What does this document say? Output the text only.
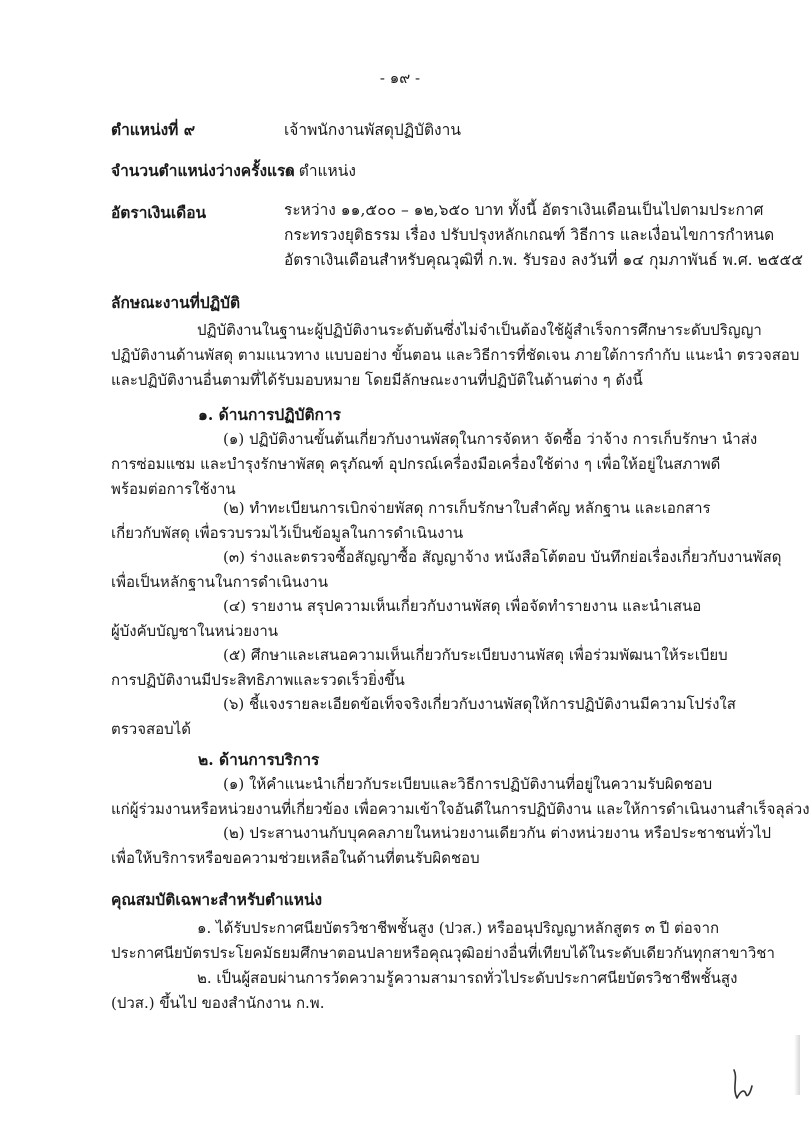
- ๑๙ -
ตำแหน่งที่ ๙	เจ้าพนักงานพัสดุปฏิบัติงาน
จำนวนตำแหน่งว่างครั้งแรก
๑ ตำแหน่ง
อัตราเงินเดือน	ระหว่าง ๑๑,๕๐๐ – ๑๒,๖๕๐ บาท ทั้งนี้ อัตราเงินเดือนเป็นไปตามประกาศ
กระทรวงยุติธรรม เรื่อง ปรับปรุงหลักเกณฑ์ วิธีการ และเงื่อนไขการกำหนด
อัตราเงินเดือนสำหรับคุณวุฒิที่ ก.พ. รับรอง ลงวันที่ ๑๔ กุมภาพันธ์ พ.ศ. ๒๕๕๕
ลักษณะงานที่ปฏิบัติ
ปฏิบัติงานในฐานะผู้ปฏิบัติงานระดับต้นซึ่งไม่จำเป็นต้องใช้ผู้สำเร็จการศึกษาระดับปริญญา
ปฏิบัติงานด้านพัสดุ ตามแนวทาง แบบอย่าง ขั้นตอน และวิธีการที่ชัดเจน ภายใต้การกำกับ แนะนำ ตรวจสอบ
และปฏิบัติงานอื่นตามที่ได้รับมอบหมาย โดยมีลักษณะงานที่ปฏิบัติในด้านต่าง ๆ ดังนี้
๑. ด้านการปฏิบัติการ
(๑) ปฏิบัติงานขั้นต้นเกี่ยวกับงานพัสดุในการจัดหา จัดซื้อ ว่าจ้าง การเก็บรักษา นำส่ง
การซ่อมแซม และบำรุงรักษาพัสดุ ครุภัณฑ์ อุปกรณ์เครื่องมือเครื่องใช้ต่าง ๆ เพื่อให้อยู่ในสภาพดี
พร้อมต่อการใช้งาน
(๒) ทำทะเบียนการเบิกจ่ายพัสดุ การเก็บรักษาใบสำคัญ หลักฐาน และเอกสาร
เกี่ยวกับพัสดุ เพื่อรวบรวมไว้เป็นข้อมูลในการดำเนินงาน
(๓) ร่างและตรวจซื้อสัญญาซื้อ สัญญาจ้าง หนังสือโต้ตอบ บันทึกย่อเรื่องเกี่ยวกับงานพัสดุ
เพื่อเป็นหลักฐานในการดำเนินงาน
(๔) รายงาน สรุปความเห็นเกี่ยวกับงานพัสดุ เพื่อจัดทำรายงาน และนำเสนอ
ผู้บังคับบัญชาในหน่วยงาน
(๕) ศึกษาและเสนอความเห็นเกี่ยวกับระเบียบงานพัสดุ เพื่อร่วมพัฒนาให้ระเบียบ
การปฏิบัติงานมีประสิทธิภาพและรวดเร็วยิ่งขึ้น
(๖) ชี้แจงรายละเอียดข้อเท็จจริงเกี่ยวกับงานพัสดุให้การปฏิบัติงานมีความโปร่งใส
ตรวจสอบได้
๒. ด้านการบริการ
(๑) ให้คำแนะนำเกี่ยวกับระเบียบและวิธีการปฏิบัติงานที่อยู่ในความรับผิดชอบ
แก่ผู้ร่วมงานหรือหน่วยงานที่เกี่ยวข้อง เพื่อความเข้าใจอันดีในการปฏิบัติงาน และให้การดำเนินงานสำเร็จลุล่วง
(๒) ประสานงานกับบุคคลภายในหน่วยงานเดียวกัน ต่างหน่วยงาน หรือประชาชนทั่วไป
เพื่อให้บริการหรือขอความช่วยเหลือในด้านที่ตนรับผิดชอบ
คุณสมบัติเฉพาะสำหรับตำแหน่ง
๑. ได้รับประกาศนียบัตรวิชาชีพชั้นสูง (ปวส.) หรืออนุปริญญาหลักสูตร ๓ ปี ต่อจาก
ประกาศนียบัตรประโยคมัธยมศึกษาตอนปลายหรือคุณวุฒิอย่างอื่นที่เทียบได้ในระดับเดียวกันทุกสาขาวิชา
๒. เป็นผู้สอบผ่านการวัดความรู้ความสามารถทั่วไประดับประกาศนียบัตรวิชาชีพชั้นสูง
(ปวส.) ขึ้นไป ของสำนักงาน ก.พ.
